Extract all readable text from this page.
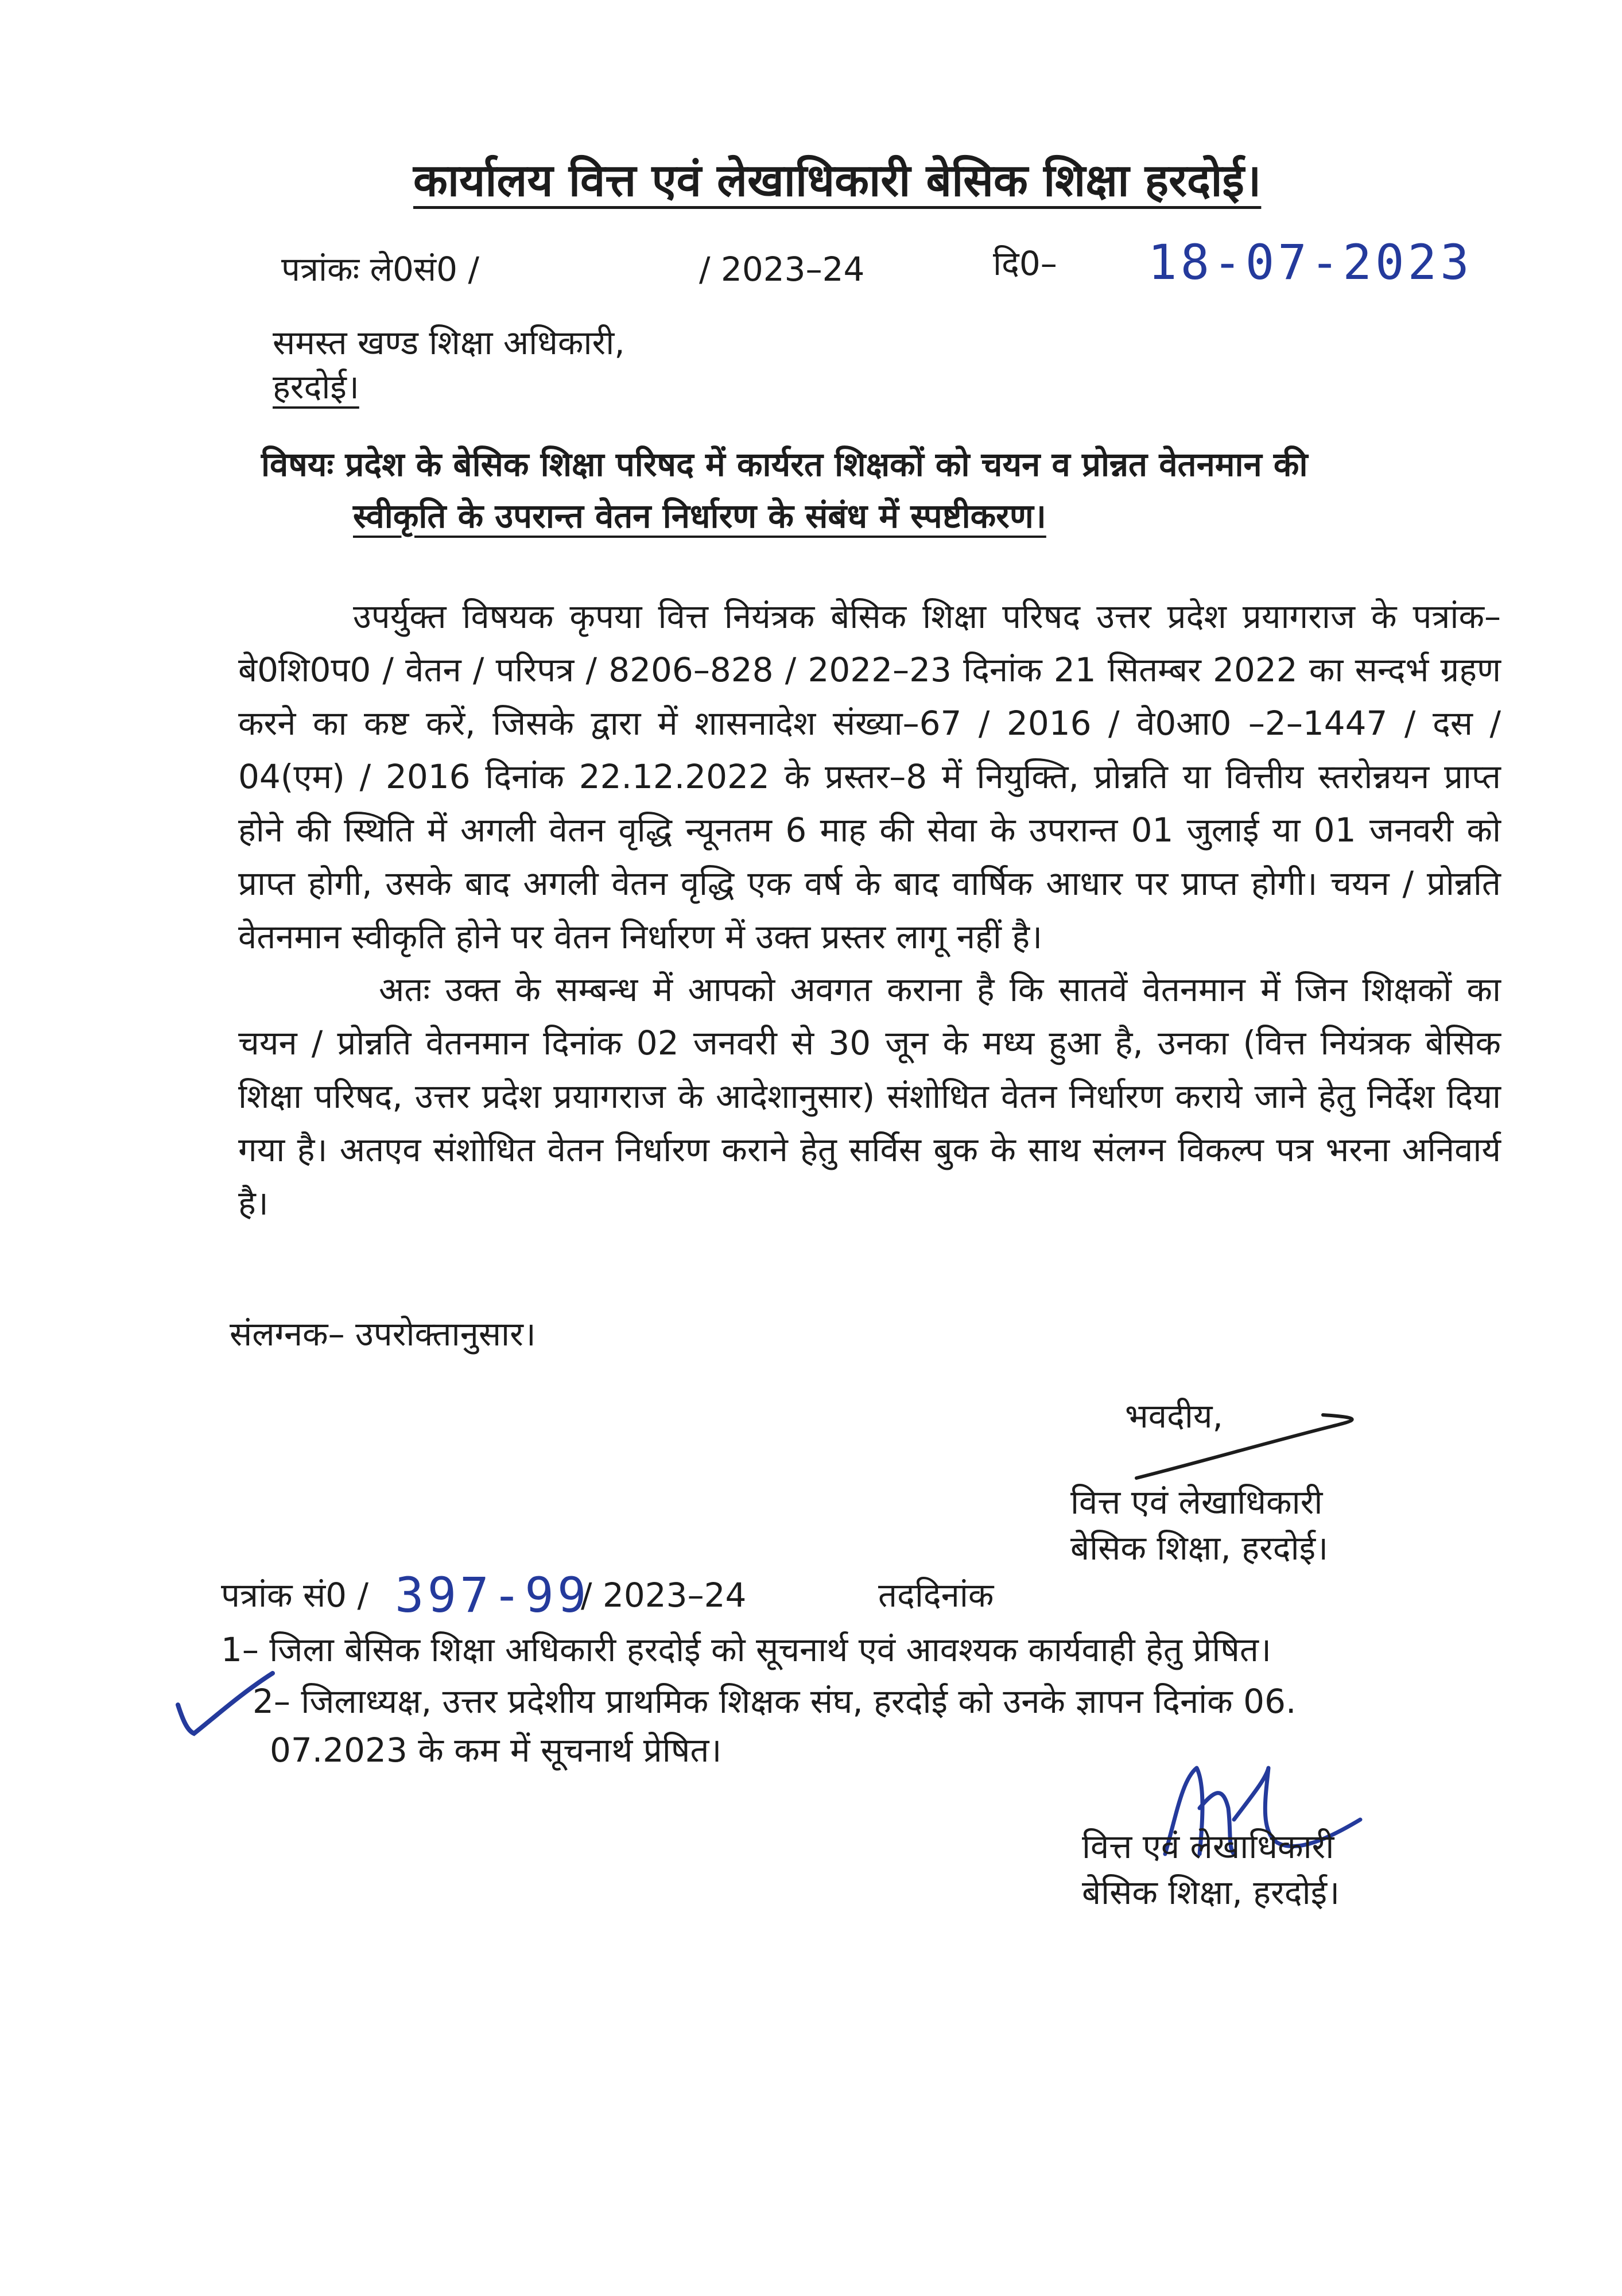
कार्यालय वित्त एवं लेखाधिकारी बेसिक शिक्षा हरदोई।
पत्रांकः ले0सं0 /	/ 2023–24	दि0– 18-07-2023
समस्त खण्ड शिक्षा अधिकारी,
हरदोई।
विषयः प्रदेश के बेसिक शिक्षा परिषद में कार्यरत शिक्षकों को चयन व प्रोन्नत वेतनमान की
स्वीकृति के उपरान्त वेतन निर्धारण के संबंध में स्पष्टीकरण।

उपर्युक्त विषयक कृपया वित्त नियंत्रक बेसिक शिक्षा परिषद उत्तर प्रदेश प्रयागराज के पत्रांक–बे0शि0प0 / वेतन / परिपत्र / 8206–828 / 2022–23 दिनांक 21 सितम्बर 2022 का सन्दर्भ ग्रहण करने का कष्ट करें, जिसके द्वारा में शासनादेश संख्या–67 / 2016 / वे0आ0 –2–1447 / दस / 04(एम) / 2016 दिनांक 22.12.2022 के प्रस्तर–8 में नियुक्ति, प्रोन्नति या वित्तीय स्तरोन्नयन प्राप्त होने की स्थिति में अगली वेतन वृद्धि न्यूनतम 6 माह की सेवा के उपरान्त 01 जुलाई या 01 जनवरी को प्राप्त होगी, उसके बाद अगली वेतन वृद्धि एक वर्ष के बाद वार्षिक आधार पर प्राप्त होगी। चयन / प्रोन्नति वेतनमान स्वीकृति होने पर वेतन निर्धारण में उक्त प्रस्तर लागू नहीं है।

अतः उक्त के सम्बन्ध में आपको अवगत कराना है कि सातवें वेतनमान में जिन शिक्षकों का चयन / प्रोन्नति वेतनमान दिनांक 02 जनवरी से 30 जून के मध्य हुआ है, उनका (वित्त नियंत्रक बेसिक शिक्षा परिषद, उत्तर प्रदेश प्रयागराज के आदेशानुसार) संशोधित वेतन निर्धारण कराये जाने हेतु निर्देश दिया गया है। अतएव संशोधित वेतन निर्धारण कराने हेतु सर्विस बुक के साथ संलग्न विकल्प पत्र भरना अनिवार्य है।

संलग्नक– उपरोक्तानुसार।
भवदीय,
वित्त एवं लेखाधिकारी
बेसिक शिक्षा, हरदोई।
पत्रांक सं0 / 397-99
/ 2023–24	तददिनांक
1– जिला बेसिक शिक्षा अधिकारी हरदोई को सूचनार्थ एवं आवश्यक कार्यवाही हेतु प्रेषित।
2– जिलाध्यक्ष, उत्तर प्रदेशीय प्राथमिक शिक्षक संघ, हरदोई को उनके ज्ञापन दिनांक 06.
07.2023 के कम में सूचनार्थ प्रेषित।
वित्त एवं लेखाधिकारी
बेसिक शिक्षा, हरदोई।
